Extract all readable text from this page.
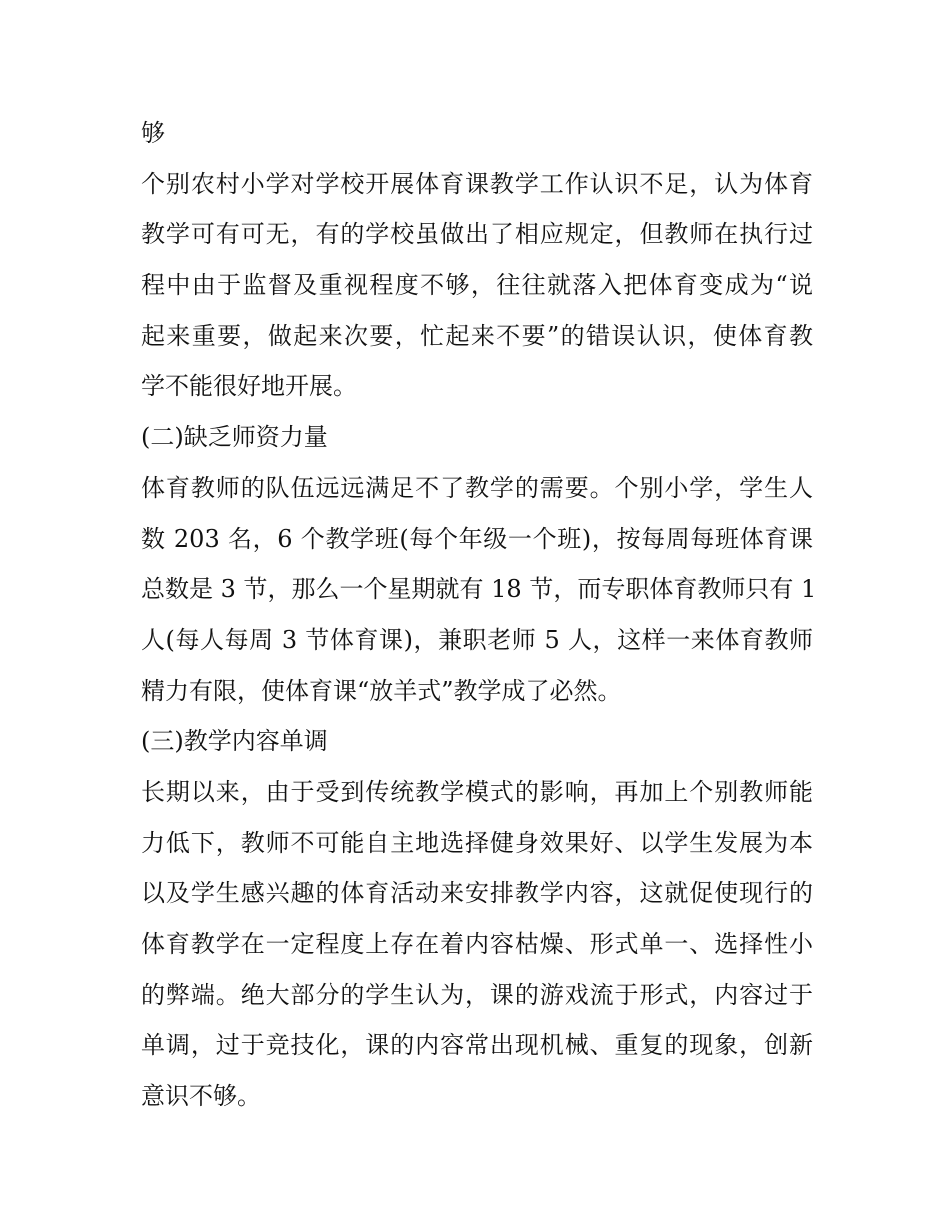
够
个别农村小学对学校开展体育课教学工作认识不足，认为体育
教学可有可无，有的学校虽做出了相应规定，但教师在执行过
程中由于监督及重视程度不够，往往就落入把体育变成为“说
起来重要，做起来次要，忙起来不要”的错误认识，使体育教
学不能很好地开展。
(二)缺乏师资力量
体育教师的队伍远远满足不了教学的需要。个别小学，学生人
数 203 名，6 个教学班(每个年级一个班)，按每周每班体育课
总数是 3 节，那么一个星期就有 18 节，而专职体育教师只有 1
人(每人每周 3 节体育课)，兼职老师 5 人，这样一来体育教师
精力有限，使体育课“放羊式”教学成了必然。
(三)教学内容单调
长期以来，由于受到传统教学模式的影响，再加上个别教师能
力低下，教师不可能自主地选择健身效果好、以学生发展为本
以及学生感兴趣的体育活动来安排教学内容，这就促使现行的
体育教学在一定程度上存在着内容枯燥、形式单一、选择性小
的弊端。绝大部分的学生认为，课的游戏流于形式，内容过于
单调，过于竞技化，课的内容常出现机械、重复的现象，创新
意识不够。
